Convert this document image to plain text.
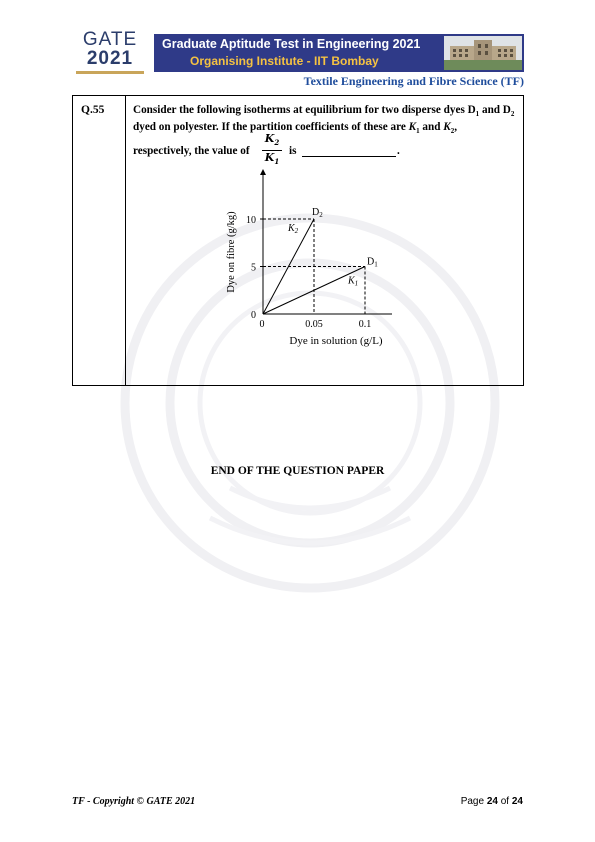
GATE
2021
Graduate Aptitude Test in Engineering 2021
Organising Institute - IIT Bombay
Textile Engineering and Fibre Science (TF)
Q.55	Consider the following isotherms at equilibrium for two disperse dyes $D_1$ and $D_2$ dyed on polyester. If the partition coefficients of these are $K_1$ and $K_2$,
respectively, the value of
$K_2$
$K_1$
is	.
Dye on fibre (g/kg)
Dye in solution (g/L)
0
5
10
0	0.05	0.1
$D_2$
$D_1$
$K_2$
$K_1$
END OF THE QUESTION PAPER
TF - Copyright © GATE 2021	Page 24 of 24
